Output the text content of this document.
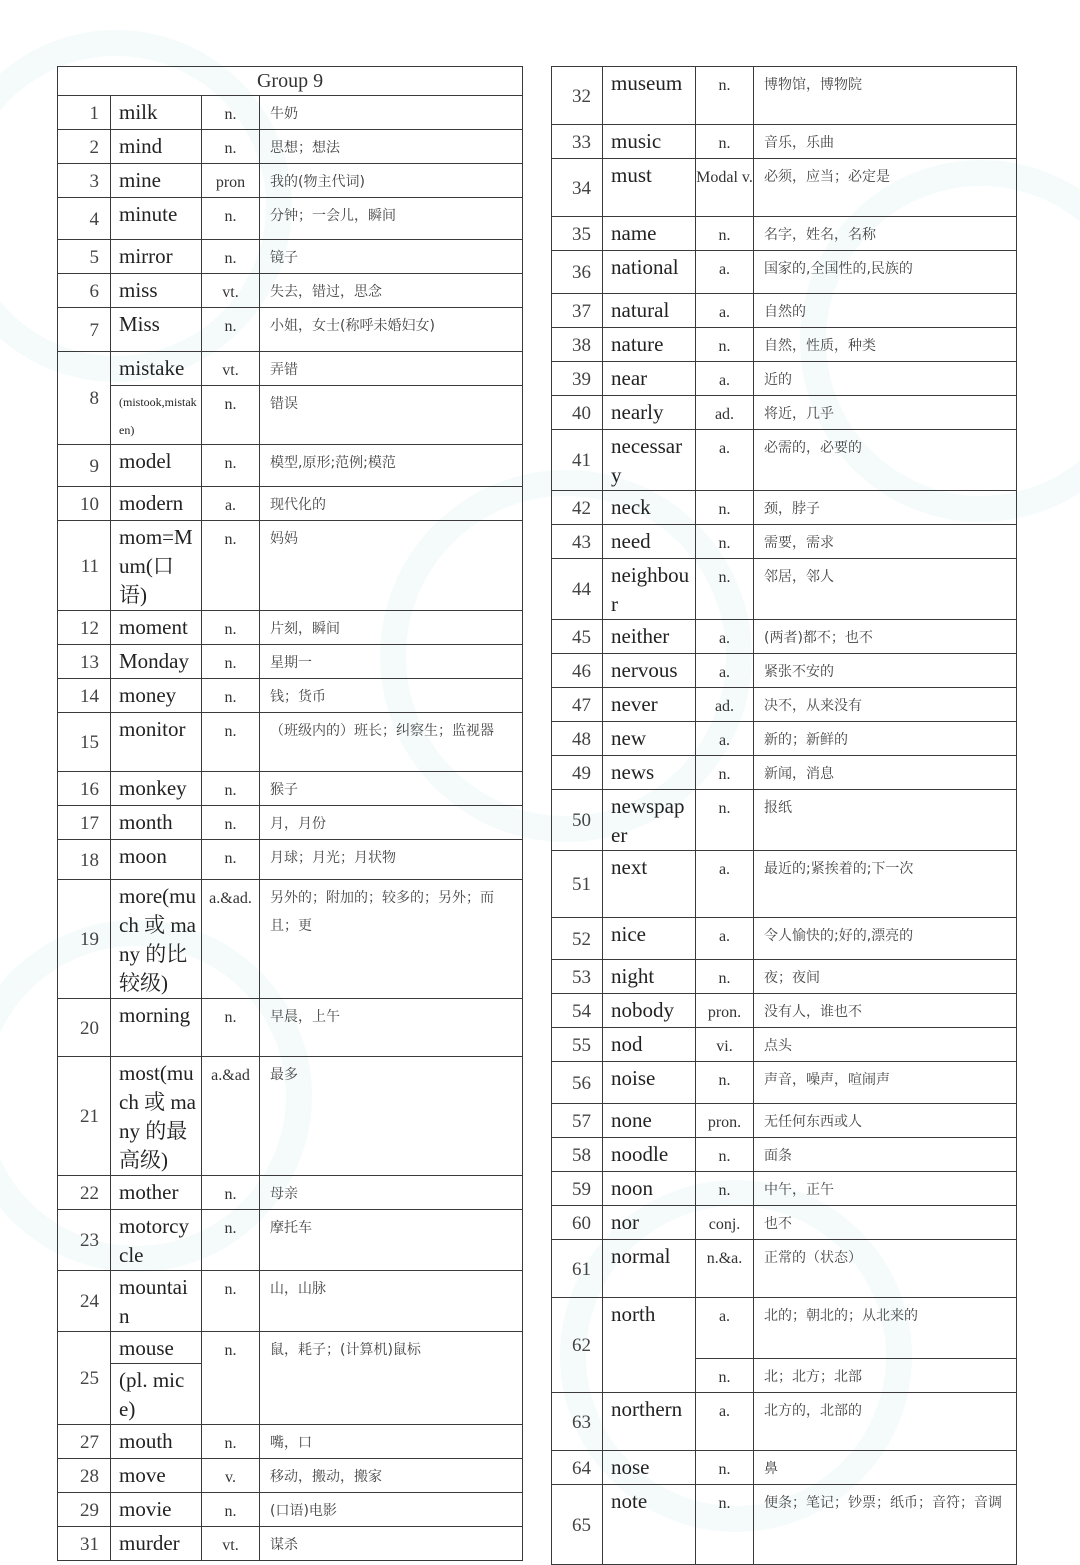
Group 9			
1	milk	n.	牛奶
2	mind	n.	思想；想法
3	mine	pron	我的(物主代词)
4	minute	n.	分钟；一会儿，瞬间
5	mirror	n.	镜子
6	miss	vt.	失去，错过，思念
7	Miss	n.	小姐，女士(称呼未婚妇女)
8	mistake	vt.	弄错
	(mistook,mistaken)	n.	错误
9	model	n.	模型,原形;范例;模范
10	modern	a.	现代化的
11	mom=Mum(口语)	n.	妈妈
12	moment	n.	片刻，瞬间
13	Monday	n.	星期一
14	money	n.	钱；货币
15	monitor	n.	（班级内的）班长；纠察生；监视器
16	monkey	n.	猴子
17	month	n.	月，月份
18	moon	n.	月球；月光；月状物
19	more(much 或 many 的比较级)	a.&ad.	另外的；附加的；较多的；另外；而且；更
20	morning	n.	早晨，上午
21	most(much 或 many 的最高级)	a.&ad	最多
22	mother	n.	母亲
23	motorcycle	n.	摩托车
24	mountain	n.	山，山脉
25	mouse	n.	鼠，耗子；(计算机)鼠标
	(pl. mice)		
27	mouth	n.	嘴，口
28	move	v.	移动，搬动，搬家
29	movie	n.	(口语)电影
31	murder	vt.	谋杀
32	museum	n.	博物馆，博物院
33	music	n.	音乐，乐曲
34	must	Modal v.	必须，应当；必定是
35	name	n.	名字，姓名，名称
36	national	a.	国家的,全国性的,民族的
37	natural	a.	自然的
38	nature	n.	自然，性质，种类
39	near	a.	近的
40	nearly	ad.	将近，几乎
41	necessary	a.	必需的，必要的
42	neck	n.	颈，脖子
43	need	n.	需要，需求
44	neighbour	n.	邻居，邻人
45	neither	a.	(两者)都不；也不
46	nervous	a.	紧张不安的
47	never	ad.	决不，从来没有
48	new	a.	新的；新鲜的
49	news	n.	新闻，消息
50	newspaper	n.	报纸
51	next	a.	最近的;紧挨着的;下一次
52	nice	a.	令人愉快的;好的,漂亮的
53	night	n.	夜；夜间
54	nobody	pron.	没有人，谁也不
55	nod	vi.	点头
56	noise	n.	声音，噪声，喧闹声
57	none	pron.	无任何东西或人
58	noodle	n.	面条
59	noon	n.	中午，正午
60	nor	conj.	也不
61	normal	n.&a.	正常的（状态）
62	north	a.	北的；朝北的；从北来的
		n.	北；北方；北部
63	northern	a.	北方的，北部的
64	nose	n.	鼻
65	note	n.	便条；笔记；钞票；纸币；音符；音调
